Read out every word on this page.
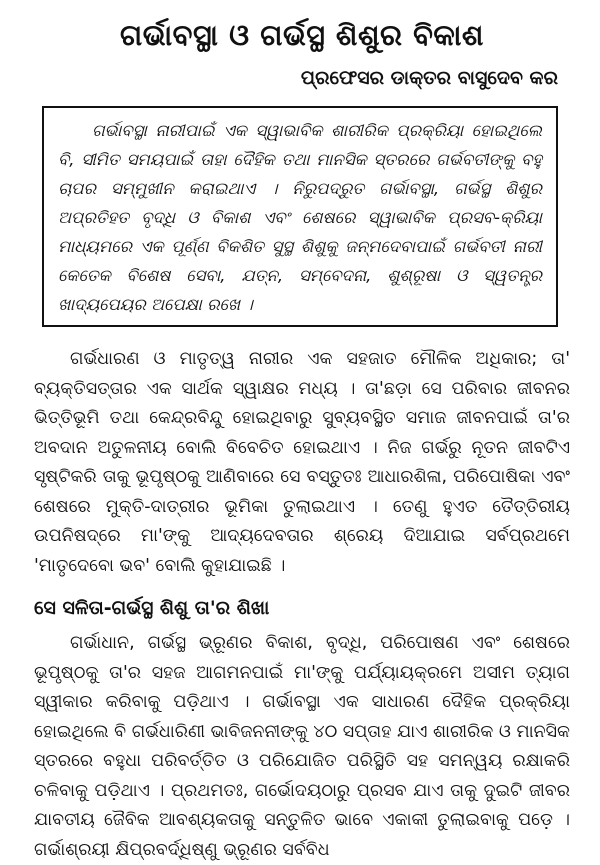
ଗର୍ଭାବସ୍ଥା ଓ ଗର୍ଭସ୍ଥ ଶିଶୁର ବିକାଶ
ପ୍ରଫେସର ଡାକ୍ତର ବାସୁଦେବ କର

ଗର୍ଭାବସ୍ଥା ନାରୀପାଇଁ ଏକ ସ୍ୱାଭାବିକ ଶାରୀରିକ ପ୍ରକ୍ରିୟା ହୋଇଥିଲେ ବି, ସୀମିତ ସମୟପାଇଁ ତାହା ଦୈହିକ ତଥା ମାନସିକ ସ୍ତରରେ ଗର୍ଭବତୀଙ୍କୁ ବହୁ ଚାପର ସମ୍ମୁଖୀନ କରାଇଥାଏ । ନିରୁପଦ୍ରୁତ ଗର୍ଭାବସ୍ଥା, ଗର୍ଭସ୍ଥ ଶିଶୁର ଅପ୍ରତିହତ ବୃଦ୍ଧି ଓ ବିକାଶ ଏବଂ ଶେଷରେ ସ୍ୱାଭାବିକ ପ୍ରସବ-କ୍ରିୟା ମାଧ୍ୟମରେ ଏକ ପୂର୍ଣ୍ଣ ବିକଶିତ ସୁସ୍ଥ ଶିଶୁକୁ ଜନ୍ମଦେବାପାଇଁ ଗର୍ଭବତୀ ନାରୀ କେତେକ ବିଶେଷ ସେବା, ଯତ୍ନ, ସମ୍ବେଦନା, ଶୁଶ୍ରୂଷା ଓ ସ୍ୱତନ୍ତ୍ର ଖାଦ୍ୟପେୟର ଅପେକ୍ଷା ରଖେ ।

ଗର୍ଭଧାରଣ ଓ ମାତୃତ୍ୱ ନାରୀର ଏକ ସହଜାତ ମୌଳିକ ଅଧିକାର; ତା' ବ୍ୟକ୍ତିସତ୍ତାର ଏକ ସାର୍ଥକ ସ୍ୱାକ୍ଷର ମଧ୍ୟ । ତା'ଛଡ଼ା ସେ ପରିବାର ଜୀବନର ଭିତ୍ତିଭୂମି ତଥା କେନ୍ଦ୍ରବିନ୍ଦୁ ହୋଇଥିବାରୁ ସୁବ୍ୟବସ୍ଥିତ ସମାଜ ଜୀବନପାଇଁ ତା'ର ଅବଦାନ ଅତୁଳନୀୟ ବୋଲି ବିବେଚିତ ହୋଇଥାଏ । ନିଜ ଗର୍ଭରୁ ନୂତନ ଜୀବଟିଏ ସୃଷ୍ଟିକରି ତାକୁ ଭୂପୃଷ୍ଠକୁ ଆଣିବାରେ ସେ ବସ୍ତୁତଃ ଆଧାରଶିଳା, ପରିପୋଷିକା ଏବଂ ଶେଷରେ ମୁକ୍ତି-ଦାତ୍ରୀର ଭୂମିକା ତୁଲାଇଥାଏ । ତେଣୁ ହୁଏତ ତୈତ୍ତିରୀୟ ଉପନିଷଦ୍‌ରେ ମା'ଙ୍କୁ ଆଦ୍ୟଦେବତାର ଶ୍ରେୟ ଦିଆଯାଇ ସର୍ବପ୍ରଥମେ 'ମାତୃଦେବୋ ଭବ' ବୋଲି କୁହାଯାଇଛି ।

ସେ ସଳିତା-ଗର୍ଭସ୍ଥ ଶିଶୁ ତା'ର ଶିଖା

ଗର୍ଭାଧାନ, ଗର୍ଭସ୍ଥ ଭ୍ରୂଣର ବିକାଶ, ବୃଦ୍ଧି, ପରିପୋଷଣ ଏବଂ ଶେଷରେ ଭୂପୃଷ୍ଠକୁ ତା'ର ସହଜ ଆଗମନପାଇଁ ମା'ଙ୍କୁ ପର୍ଯ୍ୟାୟକ୍ରମେ ଅସୀମ ତ୍ୟାଗ ସ୍ୱୀକାର କରିବାକୁ ପଡ଼ିଥାଏ । ଗର୍ଭାବସ୍ଥା ଏକ ସାଧାରଣ ଦୈହିକ ପ୍ରକ୍ରିୟା ହୋଇଥିଲେ ବି ଗର୍ଭଧାରିଣୀ ଭାବିଜନନୀଙ୍କୁ ୪୦ ସପ୍ତାହ ଯାଏ ଶାରୀରିକ ଓ ମାନସିକ ସ୍ତରରେ ବହୁଧା ପରିବର୍ତ୍ତିତ ଓ ପରିଯୋଜିତ ପରିସ୍ଥିତି ସହ ସମନ୍ୱୟ ରକ୍ଷାକରି ଚଳିବାକୁ ପଡ଼ିଥାଏ । ପ୍ରଥମତଃ, ଗର୍ଭୋଦୟଠାରୁ ପ୍ରସବ ଯାଏ ତାକୁ ଦୁଇଟି ଜୀବର ଯାବତୀୟ ଜୈବିକ ଆବଶ୍ୟକତାକୁ ସନ୍ତୁଳିତ ଭାବେ ଏକାକୀ ତୁଲାଇବାକୁ ପଡ଼େ । ଗର୍ଭାଶ୍ରୟୀ କ୍ଷିପ୍ରବର୍ଦ୍ଧିଷ୍ଣୁ ଭ୍ରୂଣର ସର୍ବବିଧ
